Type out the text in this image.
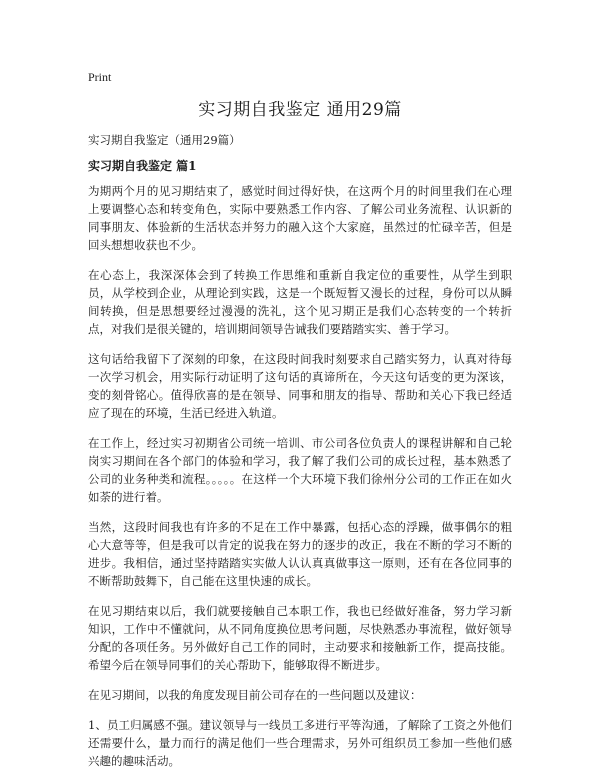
Print
实习期自我鉴定 通用29篇

实习期自我鉴定（通用29篇）

实习期自我鉴定 篇1

为期两个月的见习期结束了，感觉时间过得好快，在这两个月的时间里我们在心理上要调整心态和转变角色，实际中要熟悉工作内容、了解公司业务流程、认识新的同事朋友、体验新的生活状态并努力的融入这个大家庭，虽然过的忙碌辛苦，但是回头想想收获也不少。

在心态上，我深深体会到了转换工作思维和重新自我定位的重要性，从学生到职员，从学校到企业，从理论到实践，这是一个既短暂又漫长的过程，身份可以从瞬间转换，但是思想要经过漫漫的洗礼，这个见习期正是我们心态转变的一个转折点，对我们是很关键的，培训期间领导告诫我们要踏踏实实、善于学习。

这句话给我留下了深刻的印象，在这段时间我时刻要求自己踏实努力，认真对待每一次学习机会，用实际行动证明了这句话的真谛所在，今天这句话变的更为深该，变的刻骨铭心。值得欣喜的是在领导、同事和朋友的指导、帮助和关心下我已经适应了现在的环境，生活已经进入轨道。

在工作上，经过实习初期省公司统一培训、市公司各位负责人的课程讲解和自己轮岗实习期间在各个部门的体验和学习，我了解了我们公司的成长过程，基本熟悉了公司的业务种类和流程。。。。。在这样一个大环境下我们徐州分公司的工作正在如火如荼的进行着。

当然，这段时间我也有许多的不足在工作中暴露，包括心态的浮躁，做事偶尔的粗心大意等等，但是我可以肯定的说我在努力的逐步的改正，我在不断的学习不断的进步。我相信，通过坚持踏踏实实做人认认真真做事这一原则，还有在各位同事的不断帮助鼓舞下，自己能在这里快速的成长。

在见习期结束以后，我们就要接触自己本职工作，我也已经做好准备，努力学习新知识，工作中不懂就问，从不同角度换位思考问题，尽快熟悉办事流程，做好领导分配的各项任务。另外做好自己工作的同时，主动要求和接触新工作，提高技能。希望今后在领导同事们的关心帮助下，能够取得不断进步。

在见习期间，以我的角度发现目前公司存在的一些问题以及建议：

1、员工归属感不强。建议领导与一线员工多进行平等沟通，了解除了工资之外他们还需要什么，量力而行的满足他们一些合理需求，另外可组织员工参加一些他们感兴趣的趣味活动。
